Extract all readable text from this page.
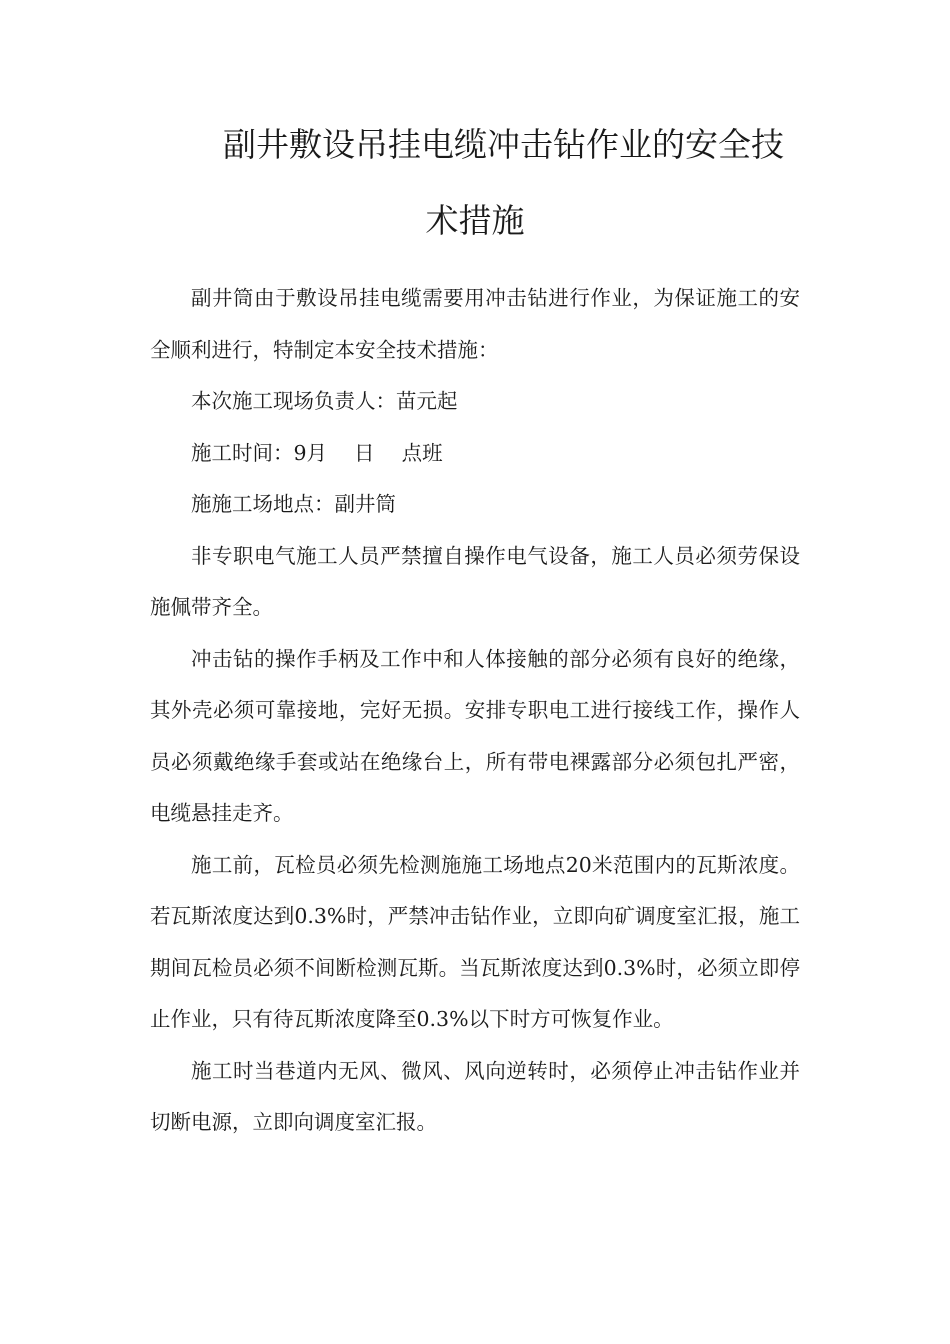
副井敷设吊挂电缆冲击钻作业的安全技
术措施

副井筒由于敷设吊挂电缆需要用冲击钻进行作业，为保证施工的安全顺利进行，特制定本安全技术措施：

本次施工现场负责人：苗元起

施工时间：9月　 日　 点班

施施工场地点：副井筒

非专职电气施工人员严禁擅自操作电气设备，施工人员必须劳保设施佩带齐全。

冲击钻的操作手柄及工作中和人体接触的部分必须有良好的绝缘，其外壳必须可靠接地，完好无损。安排专职电工进行接线工作，操作人员必须戴绝缘手套或站在绝缘台上，所有带电裸露部分必须包扎严密，电缆悬挂走齐。

施工前，瓦检员必须先检测施施工场地点20米范围内的瓦斯浓度。若瓦斯浓度达到0.3%时，严禁冲击钻作业，立即向矿调度室汇报，施工期间瓦检员必须不间断检测瓦斯。当瓦斯浓度达到0.3%时，必须立即停止作业，只有待瓦斯浓度降至0.3%以下时方可恢复作业。

施工时当巷道内无风、微风、风向逆转时，必须停止冲击钻作业并切断电源，立即向调度室汇报。
